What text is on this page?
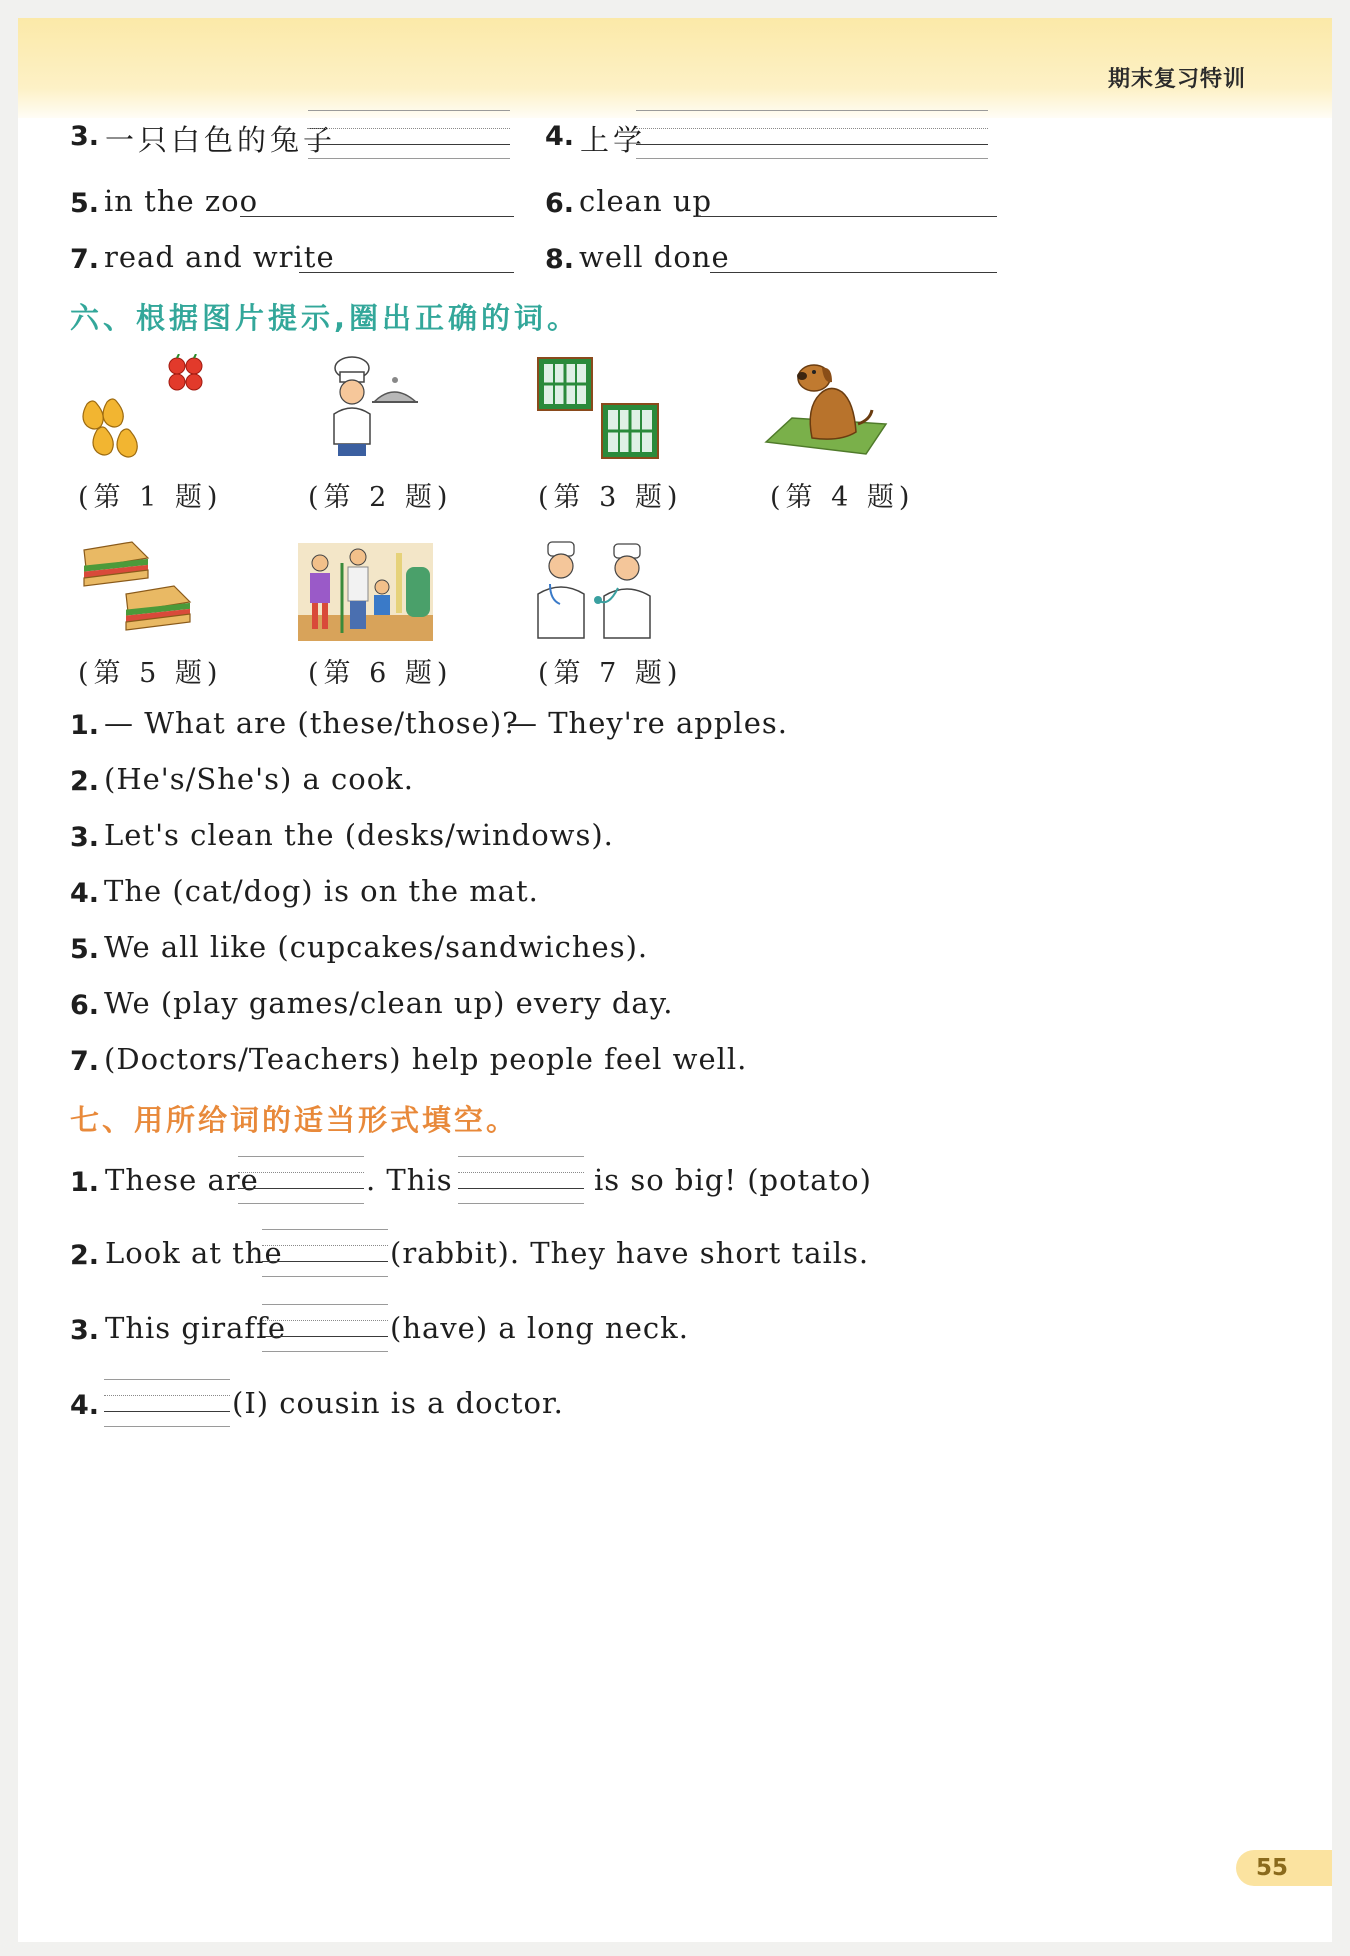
期末复习特训
3. 一只白色的兔子	4. 上学
5. in the zoo	6. clean up
7. read and write	8. well done
六、根据图片提示,圈出正确的词。
(第 1 题)	(第 2 题)	(第 3 题)	(第 4 题)
(第 5 题)	(第 6 题)	(第 7 题)
1. — What are (these/those)?
— They're apples.
2. (He's/She's) a cook.
3. Let's clean the (desks/windows).
4. The (cat/dog) is on the mat.
5. We all like (cupcakes/sandwiches).
6. We (play games/clean up) every day.
7. (Doctors/Teachers) help people feel well.
七、用所给词的适当形式填空。
1. These are	. This	is so big! (potato)
2. Look at the	(rabbit). They have short tails.
3. This giraffe	(have) a long neck.
4.	(I) cousin is a doctor.
55
